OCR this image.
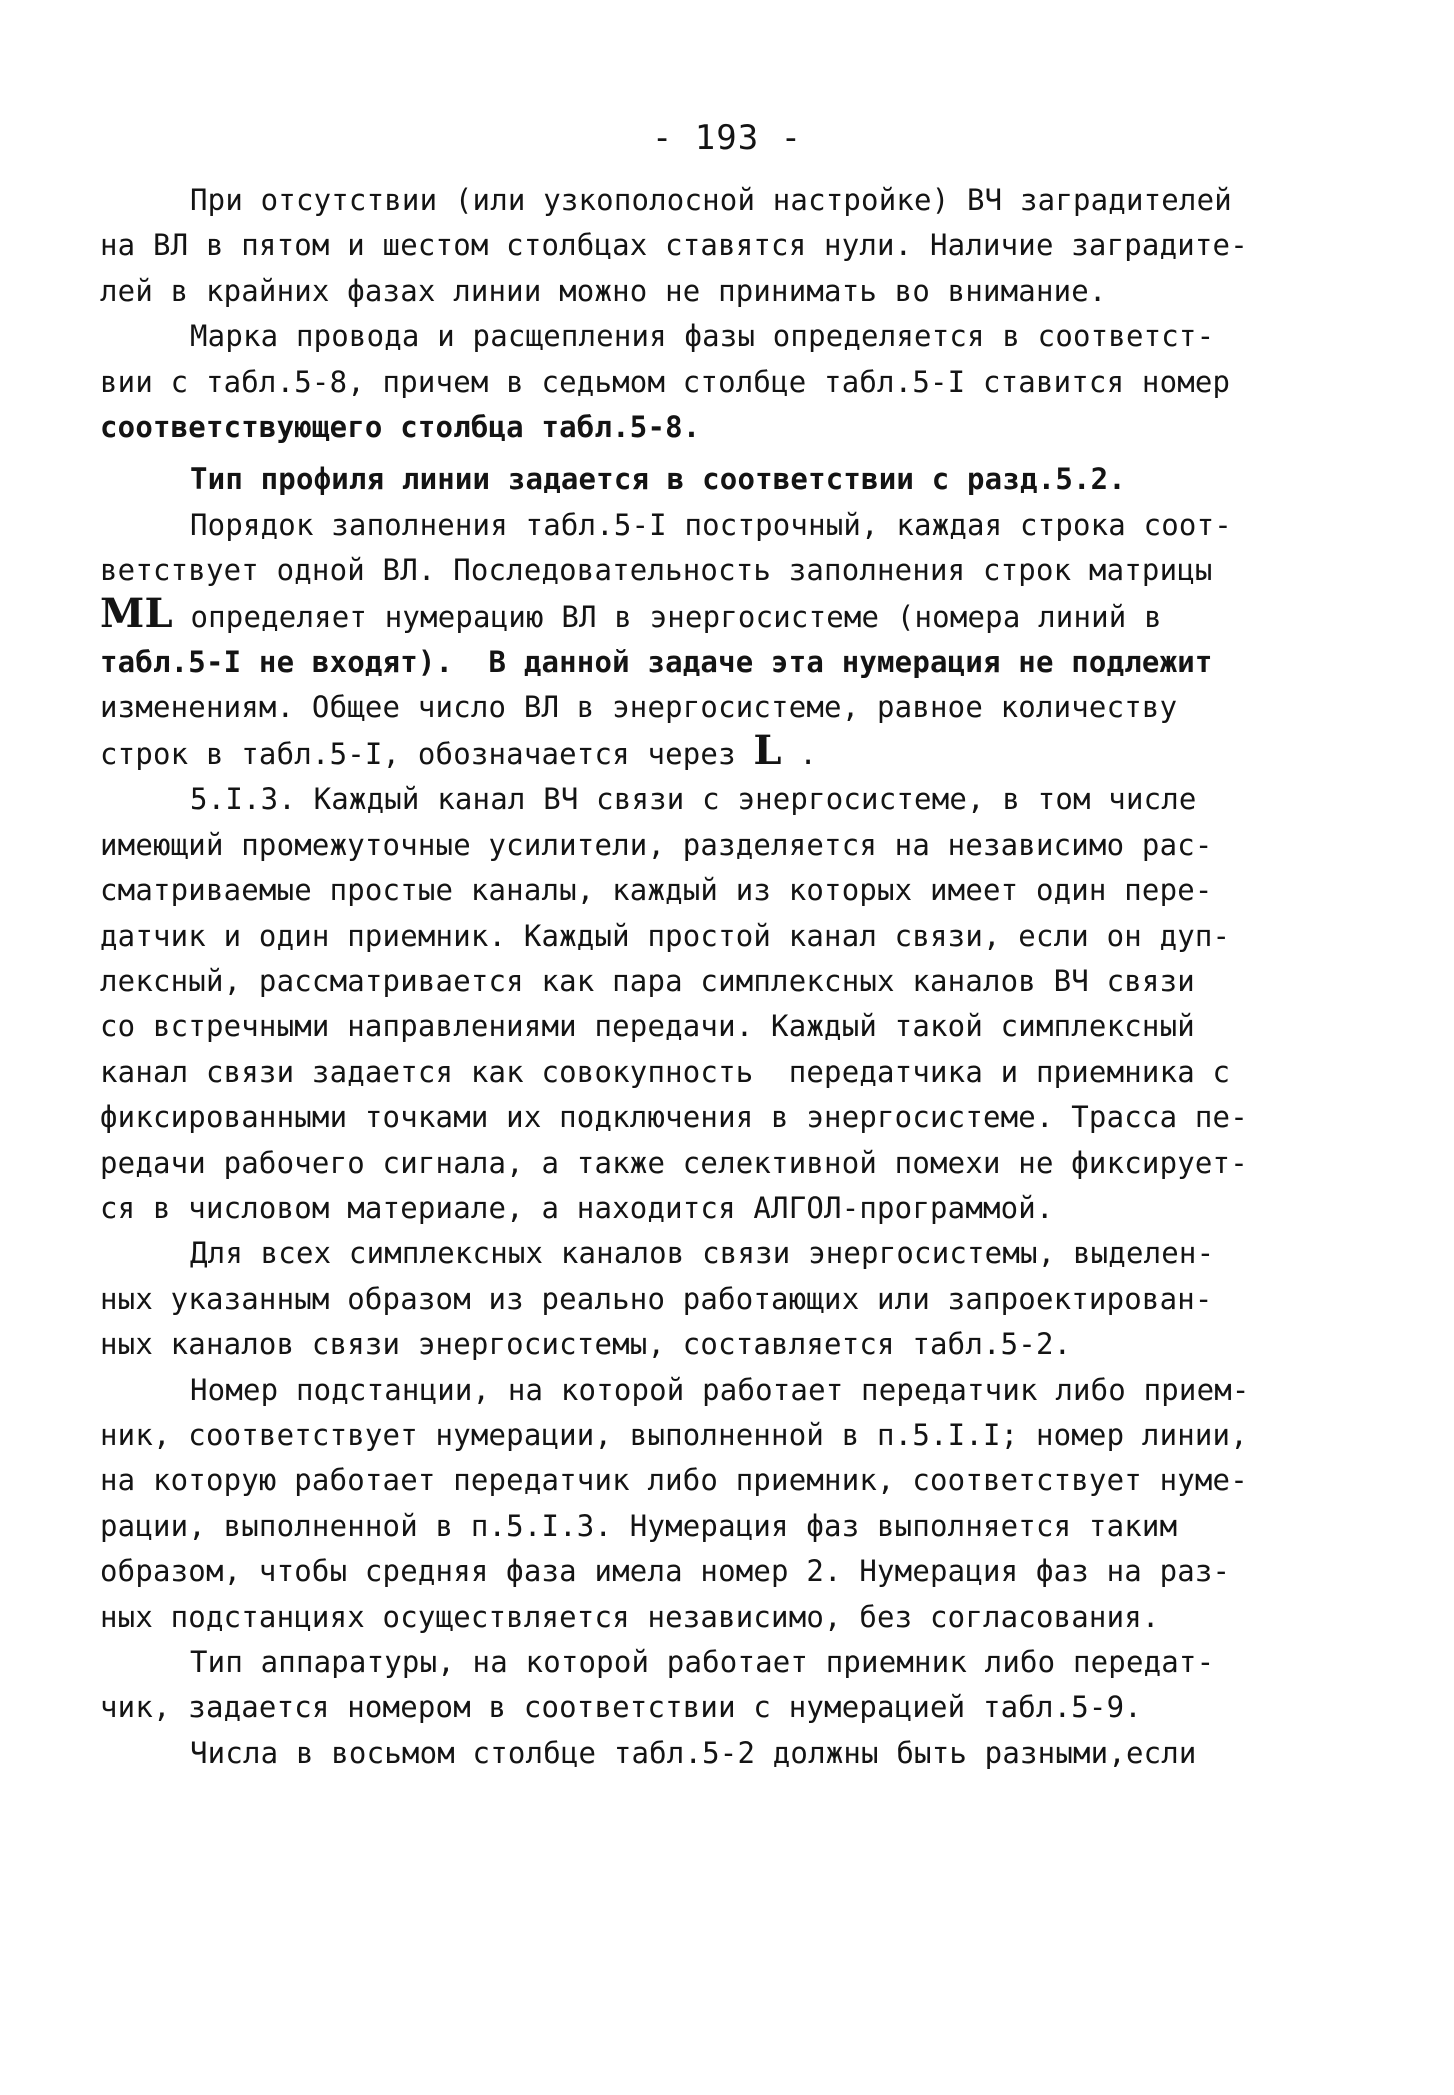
- 193 -
При отсутствии (или узкополосной настройке) ВЧ заградителей
на ВЛ в пятом и шестом столбцах ставятся нули. Наличие заградите-
лей в крайних фазах линии можно не принимать во внимание.
Марка провода и расщепления фазы определяется в соответст-
вии с табл.5-8, причем в седьмом столбце табл.5-I ставится номер
соответствующего столбца табл.5-8.
Тип профиля линии задается в соответствии с разд.5.2.
Порядок заполнения табл.5-I построчный, каждая строка соот-
ветствует одной ВЛ. Последовательность заполнения строк матрицы
ML определяет нумерацию ВЛ в энергосистеме (номера линий в
табл.5-I не входят).  В данной задаче эта нумерация не подлежит
изменениям. Общее число ВЛ в энергосистеме, равное количеству
строк в табл.5-I, обозначается через L .
5.I.3. Каждый канал ВЧ связи с энергосистеме, в том числе
имеющий промежуточные усилители, разделяется на независимо рас-
сматриваемые простые каналы, каждый из которых имеет один пере-
датчик и один приемник. Каждый простой канал связи, если он дуп-
лексный, рассматривается как пара симплексных каналов ВЧ связи
со встречными направлениями передачи. Каждый такой симплексный
канал связи задается как совокупность  передатчика и приемника с
фиксированными точками их подключения в энергосистеме. Трасса пе-
редачи рабочего сигнала, а также селективной помехи не фиксирует-
ся в числовом материале, а находится АЛГОЛ-программой.
Для всех симплексных каналов связи энергосистемы, выделен-
ных указанным образом из реально работающих или запроектирован-
ных каналов связи энергосистемы, составляется табл.5-2.
Номер подстанции, на которой работает передатчик либо прием-
ник, соответствует нумерации, выполненной в п.5.I.I; номер линии,
на которую работает передатчик либо приемник, соответствует нуме-
рации, выполненной в п.5.I.3. Нумерация фаз выполняется таким
образом, чтобы средняя фаза имела номер 2. Нумерация фаз на раз-
ных подстанциях осуществляется независимо, без согласования.
Тип аппаратуры, на которой работает приемник либо передат-
чик, задается номером в соответствии с нумерацией табл.5-9.
Числа в восьмом столбце табл.5-2 должны быть разными,если
